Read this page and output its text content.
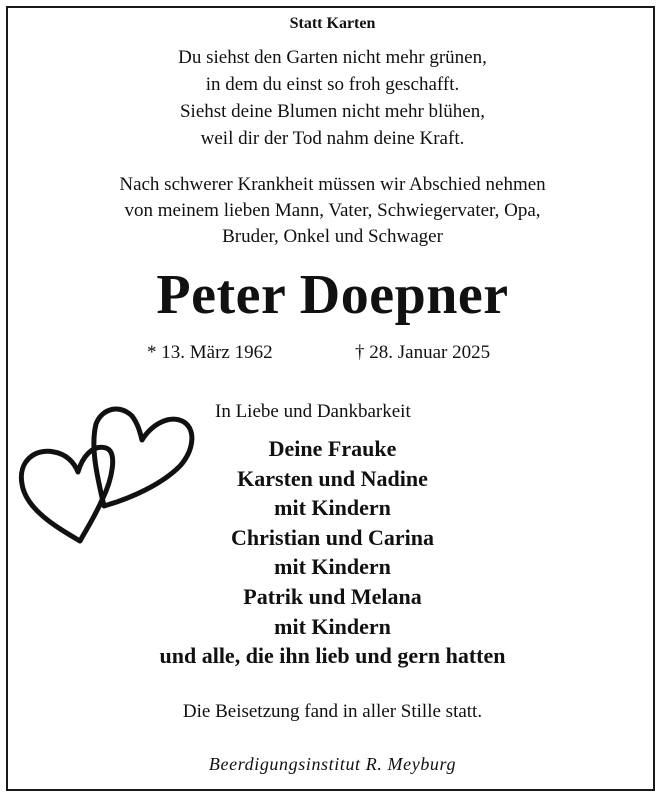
Statt Karten
Du siehst den Garten nicht mehr grünen,
in dem du einst so froh geschafft.
Siehst deine Blumen nicht mehr blühen,
weil dir der Tod nahm deine Kraft.
Nach schwerer Krankheit müssen wir Abschied nehmen
von meinem lieben Mann, Vater, Schwiegervater, Opa,
Bruder, Onkel und Schwager
Peter Doepner
* 13. März 1962	† 28. Januar 2025
In Liebe und Dankbarkeit
Deine Frauke
Karsten und Nadine
mit Kindern
Christian und Carina
mit Kindern
Patrik und Melana
mit Kindern
und alle, die ihn lieb und gern hatten
Die Beisetzung fand in aller Stille statt.
Beerdigungsinstitut R. Meyburg
